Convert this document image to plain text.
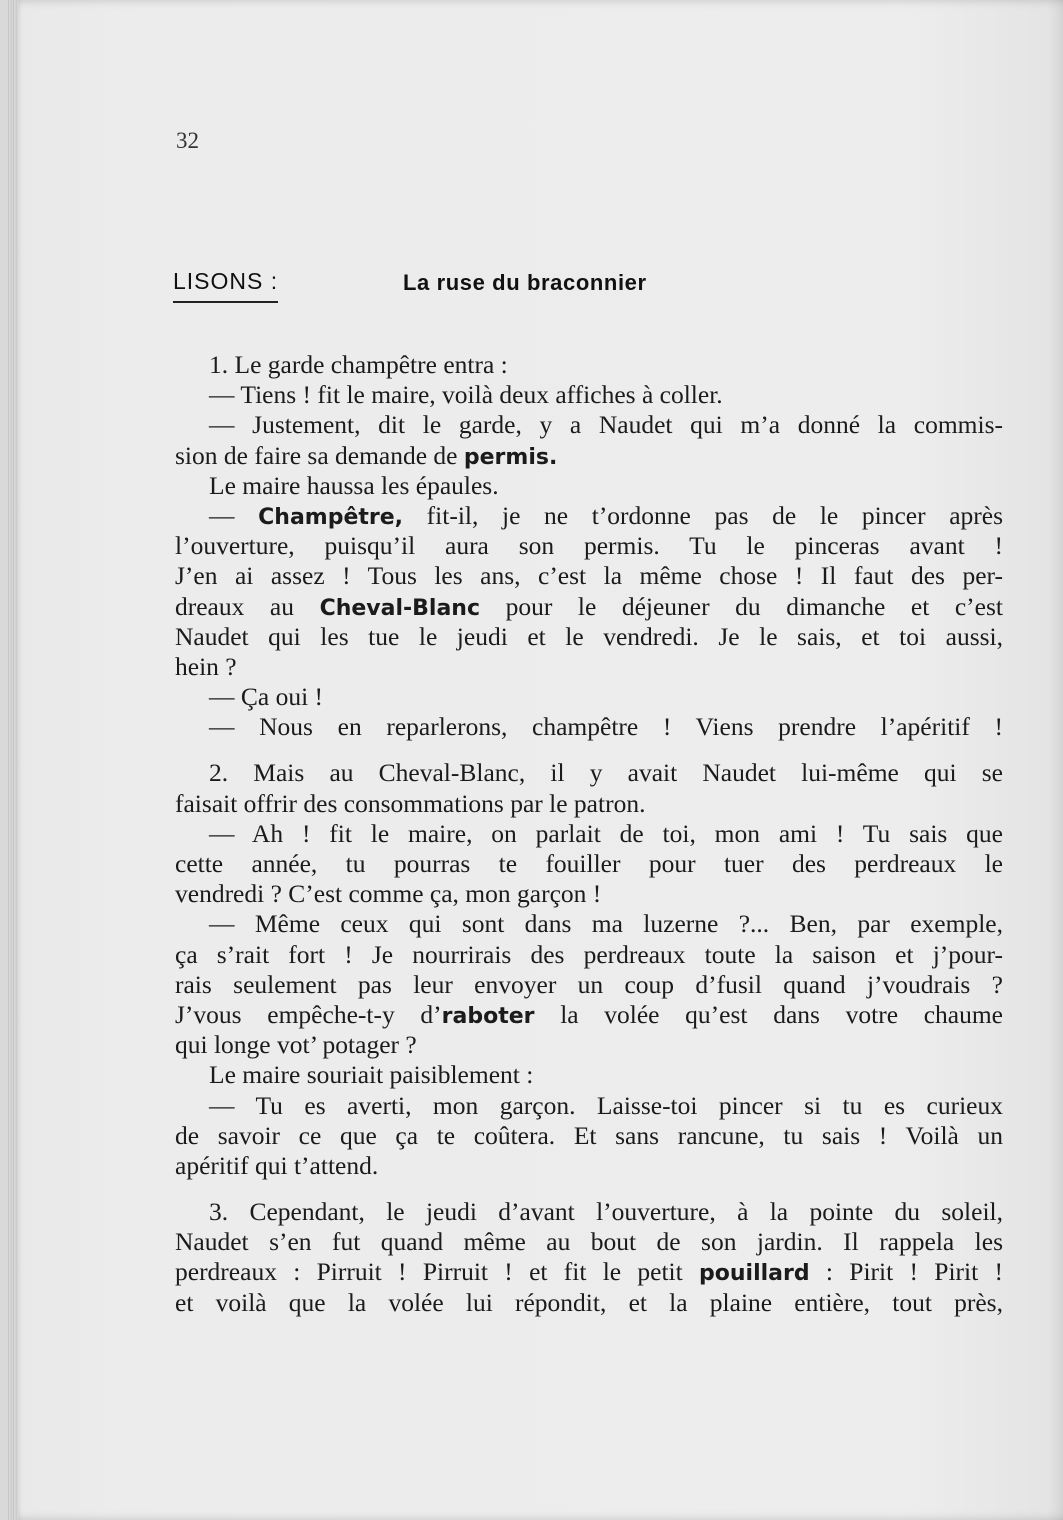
32
LISONS :	La ruse du braconnier
1. Le garde champêtre entra :
— Tiens ! fit le maire, voilà deux affiches à coller.
— Justement, dit le garde, y a Naudet qui m’a donné la commis-
sion de faire sa demande de permis.
Le maire haussa les épaules.
— Champêtre, fit-il, je ne t’ordonne pas de le pincer après
l’ouverture, puisqu’il aura son permis. Tu le pinceras avant !
J’en ai assez ! Tous les ans, c’est la même chose ! Il faut des per-
dreaux au Cheval-Blanc pour le déjeuner du dimanche et c’est
Naudet qui les tue le jeudi et le vendredi. Je le sais, et toi aussi,
hein ?
— Ça oui !
— Nous en reparlerons, champêtre ! Viens prendre l’apéritif !
2. Mais au Cheval-Blanc, il y avait Naudet lui-même qui se
faisait offrir des consommations par le patron.
— Ah ! fit le maire, on parlait de toi, mon ami ! Tu sais que
cette année, tu pourras te fouiller pour tuer des perdreaux le
vendredi ? C’est comme ça, mon garçon !
— Même ceux qui sont dans ma luzerne ?... Ben, par exemple,
ça s’rait fort ! Je nourrirais des perdreaux toute la saison et j’pour-
rais seulement pas leur envoyer un coup d’fusil quand j’voudrais ?
J’vous empêche-t-y d’raboter la volée qu’est dans votre chaume
qui longe vot’ potager ?
Le maire souriait paisiblement :
— Tu es averti, mon garçon. Laisse-toi pincer si tu es curieux
de savoir ce que ça te coûtera. Et sans rancune, tu sais ! Voilà un
apéritif qui t’attend.
3. Cependant, le jeudi d’avant l’ouverture, à la pointe du soleil,
Naudet s’en fut quand même au bout de son jardin. Il rappela les
perdreaux : Pirruit ! Pirruit ! et fit le petit pouillard : Pirit ! Pirit !
et voilà que la volée lui répondit, et la plaine entière, tout près,
